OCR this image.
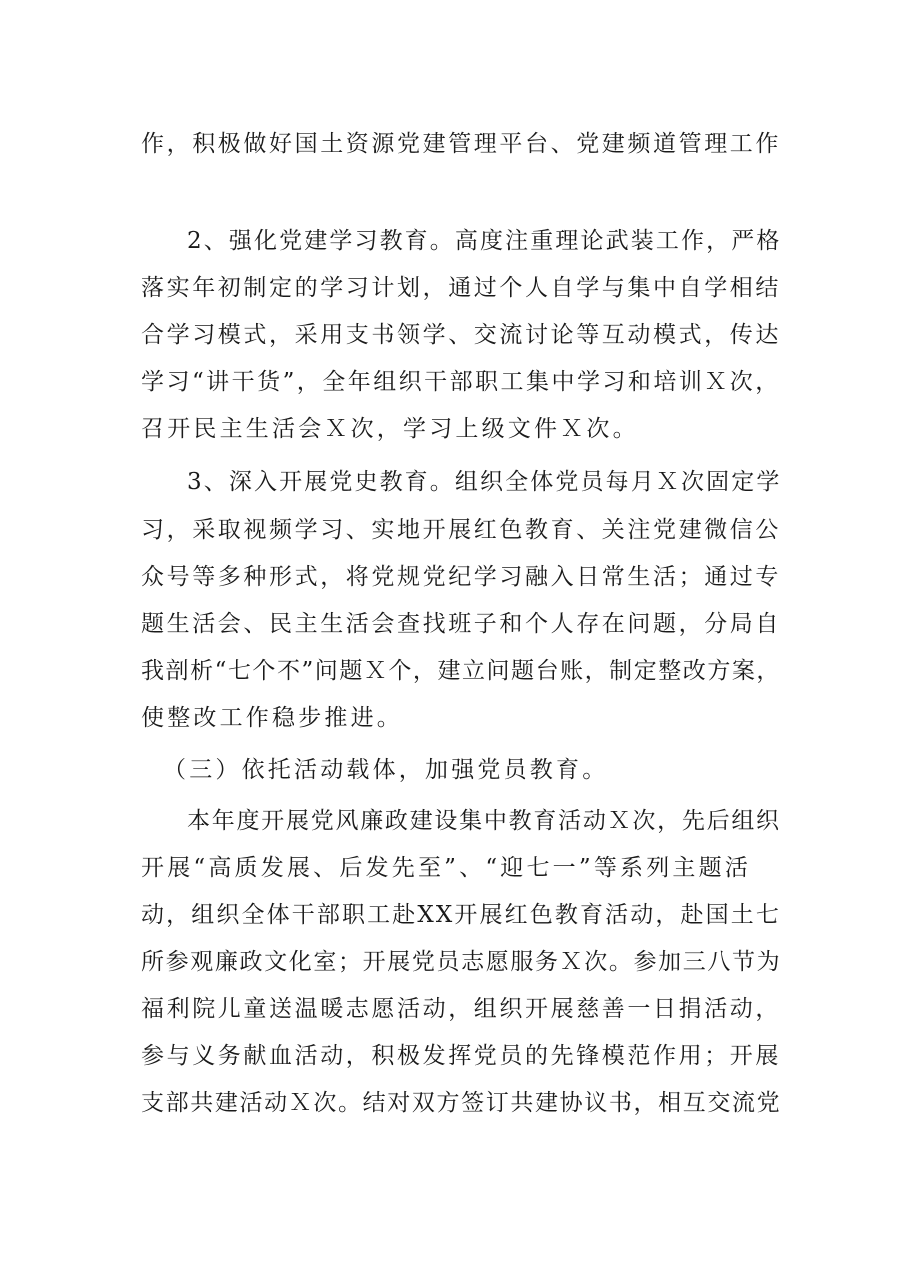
作，积极做好国土资源党建管理平台、党建频道管理工作
2、强化党建学习教育。高度注重理论武装工作，严格
落实年初制定的学习计划，通过个人自学与集中自学相结
合学习模式，采用支书领学、交流讨论等互动模式，传达
学习“讲干货”，全年组织干部职工集中学习和培训Ｘ次，
召开民主生活会Ｘ次，学习上级文件Ｘ次。
3、深入开展党史教育。组织全体党员每月Ｘ次固定学
习，采取视频学习、实地开展红色教育、关注党建微信公
众号等多种形式，将党规党纪学习融入日常生活；通过专
题生活会、民主生活会查找班子和个人存在问题，分局自
我剖析“七个不”问题Ｘ个，建立问题台账，制定整改方案，
使整改工作稳步推进。
（三）依托活动载体，加强党员教育。
本年度开展党风廉政建设集中教育活动Ｘ次，先后组织
开展“高质发展、后发先至”、“迎七一”等系列主题活
动，组织全体干部职工赴XX开展红色教育活动，赴国土七
所参观廉政文化室；开展党员志愿服务Ｘ次。参加三八节为
福利院儿童送温暖志愿活动，组织开展慈善一日捐活动，
参与义务献血活动，积极发挥党员的先锋模范作用；开展
支部共建活动Ｘ次。结对双方签订共建协议书，相互交流党
